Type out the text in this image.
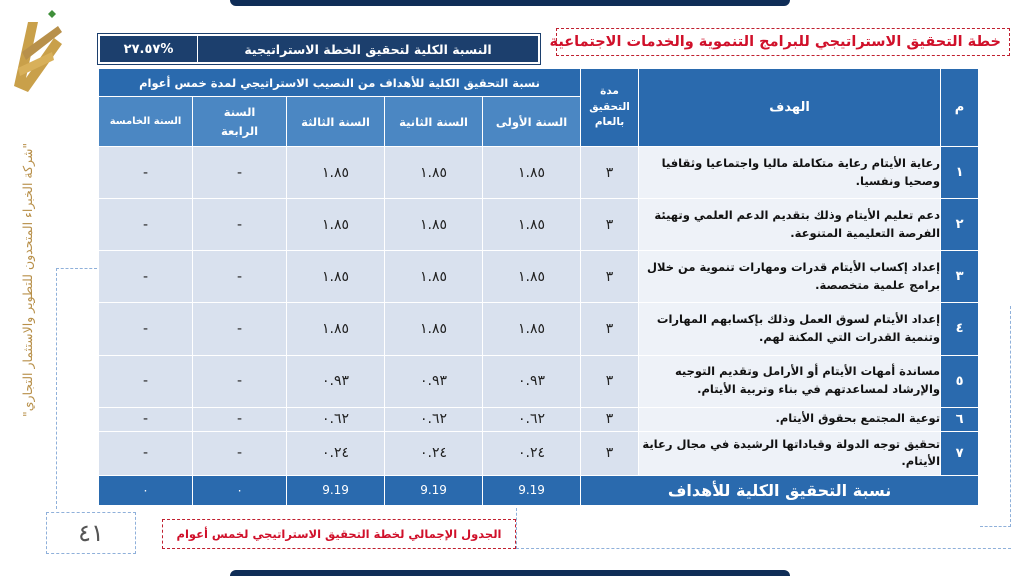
"شركة الخبراء المتحدون للتطوير والاستثمار التجاري"
خطة التحقيق الاستراتيجي للبرامج التنموية والخدمات الاجتماعية
النسبة الكلية لتحقيق الخطة الاستراتيجية
%٢٧.٥٧
م	الهدف	مدة التحقيق بالعام	نسبة التحقيق الكلية للأهداف من النصيب الاستراتيجي لمدة خمس أعوام				
			السنة الأولى	السنة الثانية	السنة الثالثة	السنة الرابعة	السنة الخامسة
١	رعاية الأيتام رعاية متكاملة ماليا واجتماعيا وثقافيا وصحيا ونفسيا.	٣	١.٨٥	١.٨٥	١.٨٥	-	-
٢	دعم تعليم الأيتام وذلك بتقديم الدعم العلمي وتهيئة الفرصة التعليمية المتنوعة.	٣	١.٨٥	١.٨٥	١.٨٥	-	-
٣	إعداد إكساب الأيتام قدرات ومهارات تنموية من خلال برامج علمية متخصصة.	٣	١.٨٥	١.٨٥	١.٨٥	-	-
٤	إعداد الأيتام لسوق العمل وذلك بإكسابهم المهارات وتنمية القدرات التي المكنة لهم.	٣	١.٨٥	١.٨٥	١.٨٥	-	-
٥	مساندة أمهات الأيتام أو الأرامل وتقديم التوجيه والإرشاد لمساعدتهم في بناء وتربية الأيتام.	٣	٠.٩٣	٠.٩٣	٠.٩٣	-	-
٦	توعية المجتمع بحقوق الأيتام.	٣	٠.٦٢	٠.٦٢	٠.٦٢	-	-
٧	تحقيق توجه الدولة وقياداتها الرشيدة في مجال رعاية الأيتام.	٣	٠.٢٤	٠.٢٤	٠.٢٤	-	-
نسبة التحقيق الكلية للأهداف			9.19	9.19	9.19	٠	٠
٤١	الجدول الإجمالي لخطة التحقيق الاستراتيجي لخمس أعوام
